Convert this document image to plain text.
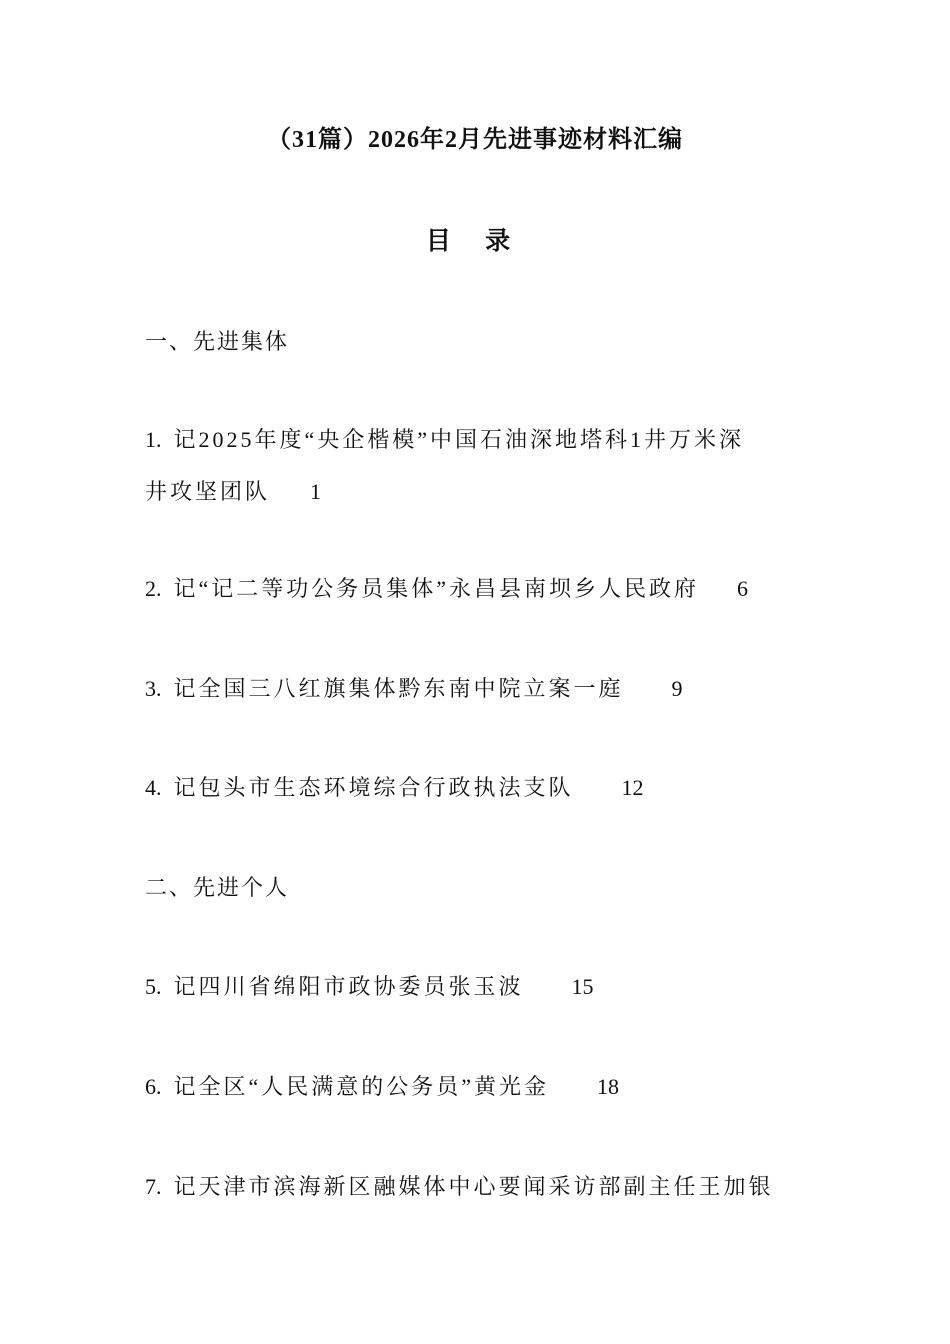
（31篇）2026年2月先进事迹材料汇编
目 录
一、先进集体
1. 记2025年度“央企楷模”中国石油深地塔科1井万米深
井攻坚团队 1
2. 记“记二等功公务员集体”永昌县南坝乡人民政府 6
3. 记全国三八红旗集体黔东南中院立案一庭 9
4. 记包头市生态环境综合行政执法支队 12
二、先进个人
5. 记四川省绵阳市政协委员张玉波 15
6. 记全区“人民满意的公务员”黄光金 18
7. 记天津市滨海新区融媒体中心要闻采访部副主任王加银
